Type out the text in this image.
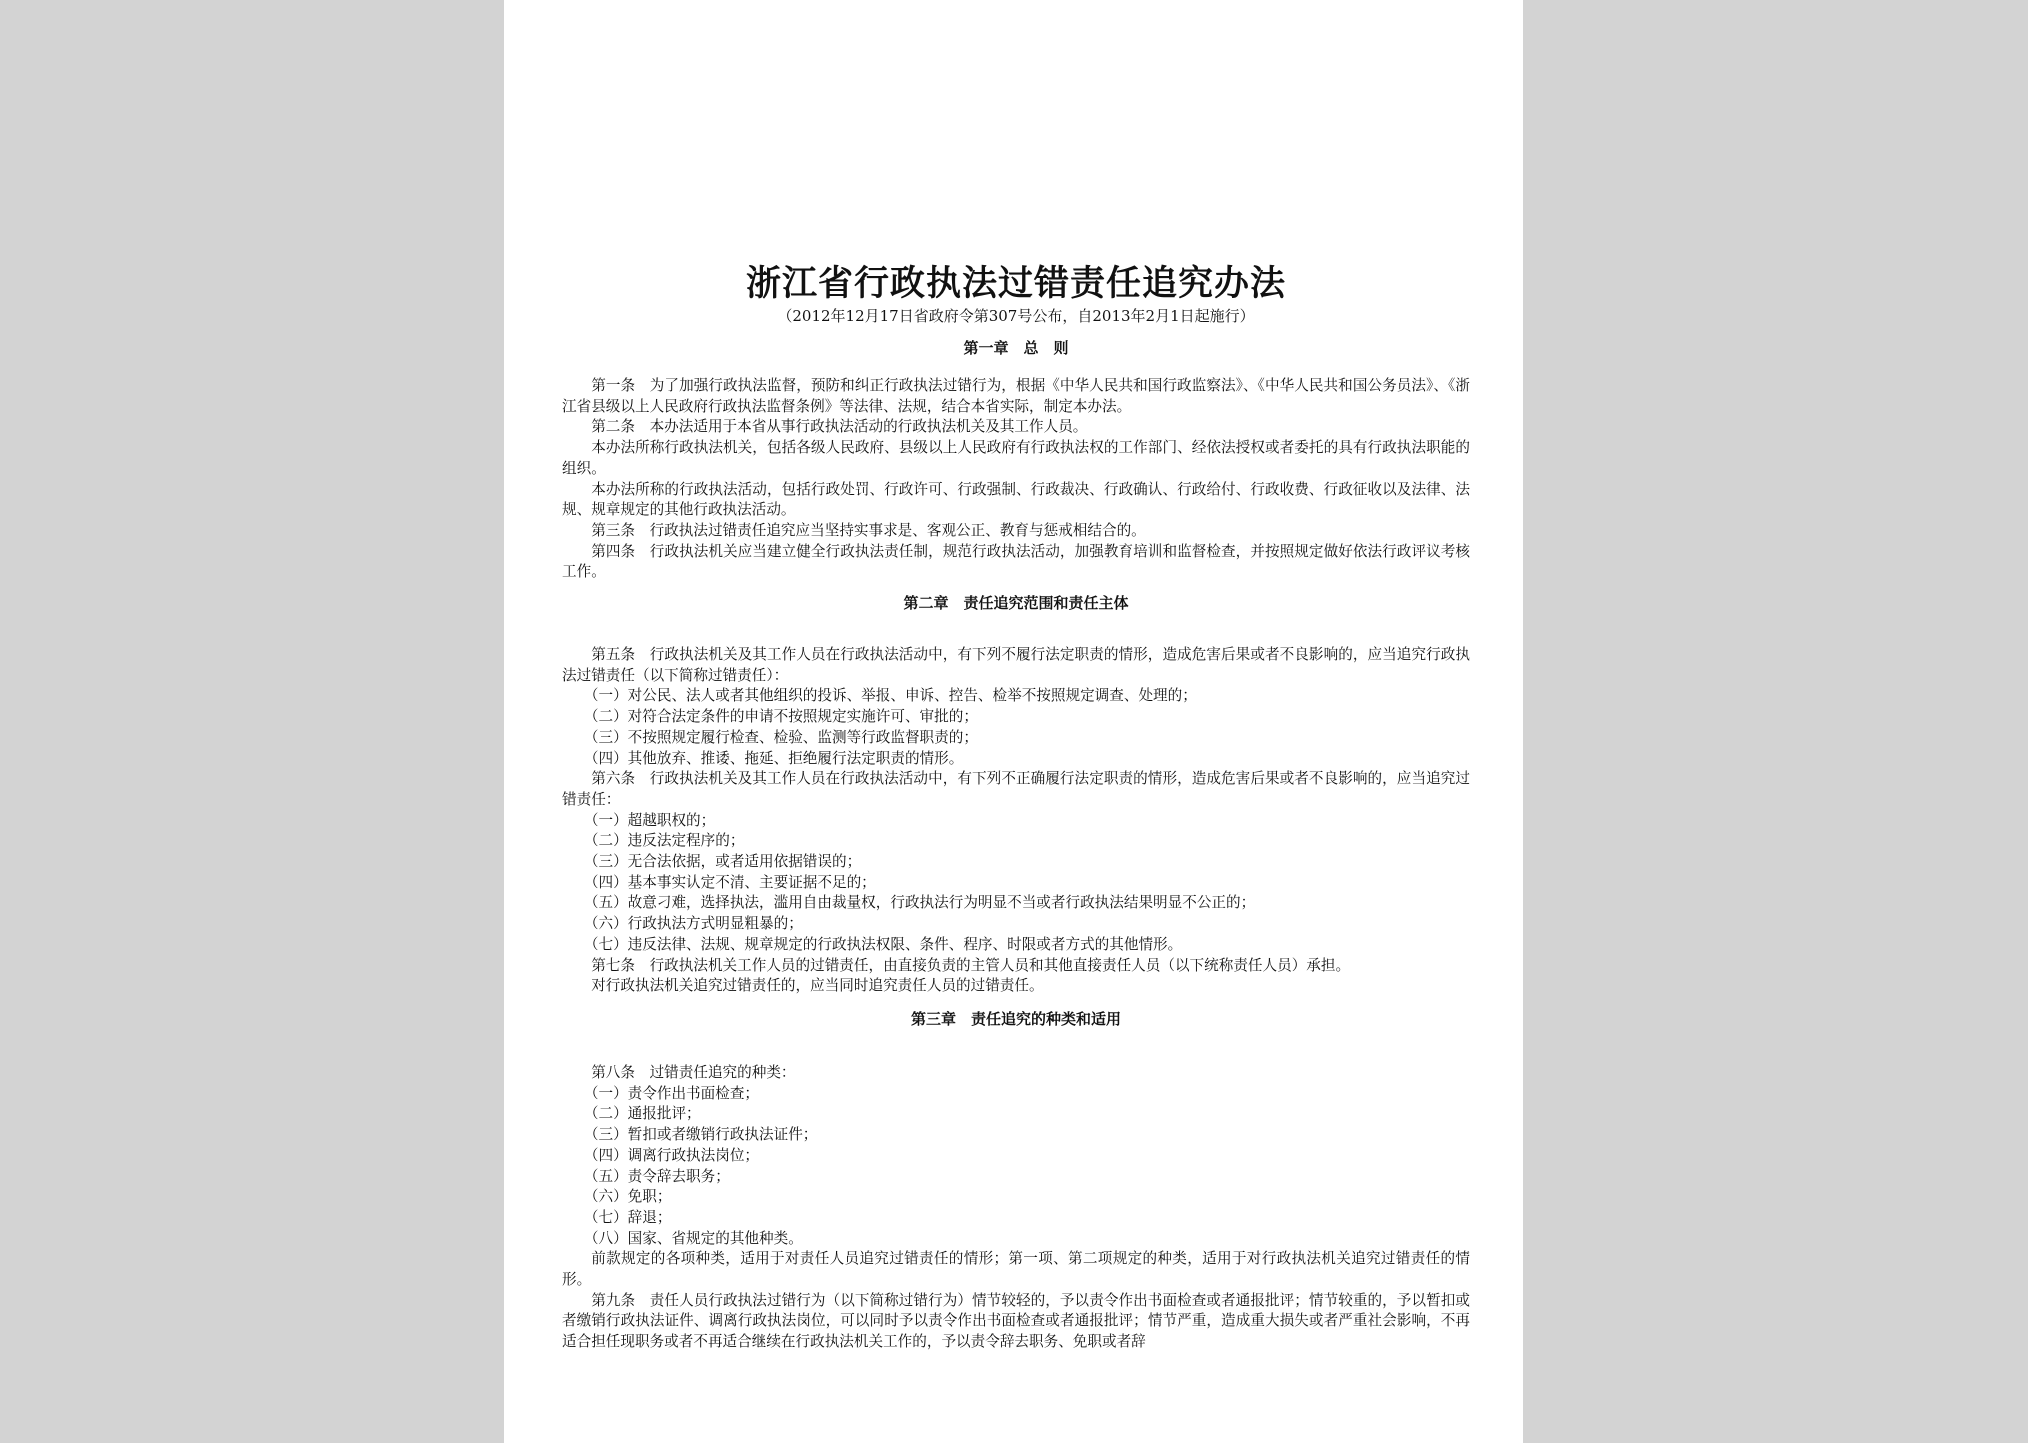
浙江省行政执法过错责任追究办法

（2012年12月17日省政府令第307号公布，自2013年2月1日起施行）

第一章　总　则

第一条　为了加强行政执法监督，预防和纠正行政执法过错行为，根据《中华人民共和国行政监察法》、《中华人民共和国公务员法》、《浙江省县级以上人民政府行政执法监督条例》等法律、法规，结合本省实际，制定本办法。

第二条　本办法适用于本省从事行政执法活动的行政执法机关及其工作人员。

本办法所称行政执法机关，包括各级人民政府、县级以上人民政府有行政执法权的工作部门、经依法授权或者委托的具有行政执法职能的组织。

本办法所称的行政执法活动，包括行政处罚、行政许可、行政强制、行政裁决、行政确认、行政给付、行政收费、行政征收以及法律、法规、规章规定的其他行政执法活动。

第三条　行政执法过错责任追究应当坚持实事求是、客观公正、教育与惩戒相结合的。

第四条　行政执法机关应当建立健全行政执法责任制，规范行政执法活动，加强教育培训和监督检查，并按照规定做好依法行政评议考核工作。

第二章　责任追究范围和责任主体

第五条　行政执法机关及其工作人员在行政执法活动中，有下列不履行法定职责的情形，造成危害后果或者不良影响的，应当追究行政执法过错责任（以下简称过错责任）：

（一）对公民、法人或者其他组织的投诉、举报、申诉、控告、检举不按照规定调查、处理的；

（二）对符合法定条件的申请不按照规定实施许可、审批的；

（三）不按照规定履行检查、检验、监测等行政监督职责的；

（四）其他放弃、推诿、拖延、拒绝履行法定职责的情形。

第六条　行政执法机关及其工作人员在行政执法活动中，有下列不正确履行法定职责的情形，造成危害后果或者不良影响的，应当追究过错责任：

（一）超越职权的；

（二）违反法定程序的；

（三）无合法依据，或者适用依据错误的；

（四）基本事实认定不清、主要证据不足的；

（五）故意刁难，选择执法，滥用自由裁量权，行政执法行为明显不当或者行政执法结果明显不公正的；

（六）行政执法方式明显粗暴的；

（七）违反法律、法规、规章规定的行政执法权限、条件、程序、时限或者方式的其他情形。

第七条　行政执法机关工作人员的过错责任，由直接负责的主管人员和其他直接责任人员（以下统称责任人员）承担。

对行政执法机关追究过错责任的，应当同时追究责任人员的过错责任。

第三章　责任追究的种类和适用

第八条　过错责任追究的种类：

（一）责令作出书面检查；

（二）通报批评；

（三）暂扣或者缴销行政执法证件；

（四）调离行政执法岗位；

（五）责令辞去职务；

（六）免职；

（七）辞退；

（八）国家、省规定的其他种类。

前款规定的各项种类，适用于对责任人员追究过错责任的情形；第一项、第二项规定的种类，适用于对行政执法机关追究过错责任的情形。

第九条　责任人员行政执法过错行为（以下简称过错行为）情节较轻的，予以责令作出书面检查或者通报批评；情节较重的，予以暂扣或者缴销行政执法证件、调离行政执法岗位，可以同时予以责令作出书面检查或者通报批评；情节严重，造成重大损失或者严重社会影响，不再适合担任现职务或者不再适合继续在行政执法机关工作的，予以责令辞去职务、免职或者辞
